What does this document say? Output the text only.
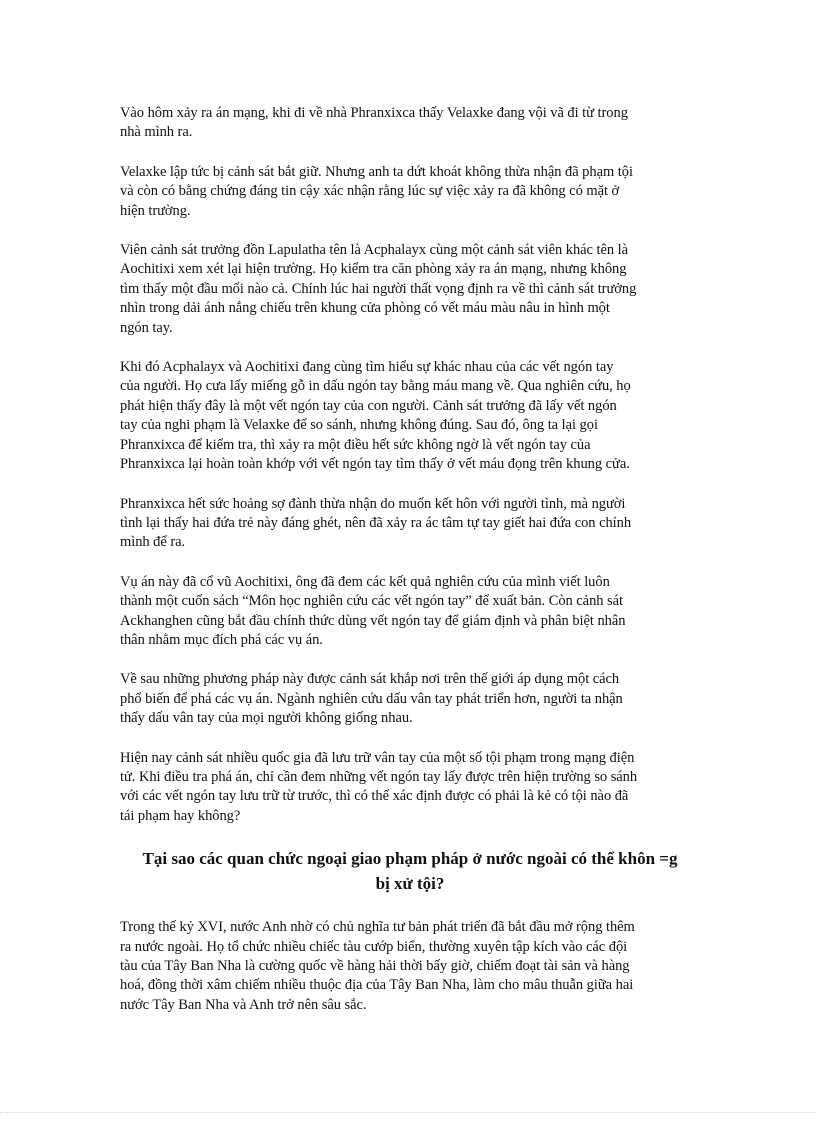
Vào hôm xảy ra án mạng, khi đi về nhà Phranxixca thấy Velaxke đang vội vã đi từ trong
nhà mình ra.

Velaxke lập tức bị cảnh sát bắt giữ. Nhưng anh ta dứt khoát không thừa nhận đã phạm tội
và còn có bằng chứng đáng tin cậy xác nhận rằng lúc sự việc xảy ra đã không có mặt ở
hiện trường.

Viên cảnh sát trưởng đồn Lapulatha tên là Acphalayx cùng một cảnh sát viên khác tên là
Aochitixi xem xét lại hiện trường. Họ kiểm tra căn phòng xảy ra án mạng, nhưng không
tìm thấy một đầu mối nào cả. Chính lúc hai người thất vọng định ra về thì cảnh sát trưởng
nhìn trong dải ánh nắng chiếu trên khung cửa phòng có vết máu màu nâu in hình một
ngón tay.

Khi đó Acphalayx và Aochitixi đang cùng tìm hiểu sự khác nhau của các vết ngón tay
của người. Họ cưa lấy miếng gỗ in dấu ngón tay bằng máu mang về. Qua nghiên cứu, họ
phát hiện thấy đây là một vết ngón tay của con người. Cảnh sát trưởng đã lấy vết ngón
tay của nghi phạm là Velaxke để so sánh, nhưng không đúng. Sau đó, ông ta lại gọi
Phranxixca để kiểm tra, thì xảy ra một điều hết sức không ngờ là vết ngón tay của
Phranxixca lại hoàn toàn khớp với vết ngón tay tìm thấy ở vết máu đọng trên khung cửa.

Phranxixca hết sức hoảng sợ đành thừa nhận do muốn kết hôn với người tình, mà người
tình lại thấy hai đứa trẻ này đáng ghét, nên đã xảy ra ác tâm tự tay giết hai đứa con chính
mình để ra.

Vụ án này đã cổ vũ Aochitixi, ông đã đem các kết quả nghiên cứu của mình viết luôn
thành một cuốn sách “Môn học nghiên cứu các vết ngón tay” để xuất bản. Còn cảnh sát
Ackhanghen cũng bắt đầu chính thức dùng vết ngón tay để giám định và phân biệt nhân
thân nhằm mục đích phá các vụ án.

Về sau những phương pháp này được cảnh sát khắp nơi trên thế giới áp dụng một cách
phổ biến để phá các vụ án. Ngành nghiên cứu dấu vân tay phát triển hơn, người ta nhận
thấy dấu vân tay của mọi người không giống nhau.

Hiện nay cảnh sát nhiều quốc gia đã lưu trữ vân tay của một số tội phạm trong mạng điện
tử. Khi điều tra phá án, chỉ cần đem những vết ngón tay lấy được trên hiện trường so sánh
với các vết ngón tay lưu trữ từ trước, thì có thể xác định được có phải là kẻ có tội nào đã
tái phạm hay không?

Tại sao các quan chức ngoại giao phạm pháp ở nước ngoài có thể khôn =g
bị xử tội?

Trong thế kỷ XVI, nước Anh nhờ có chủ nghĩa tư bản phát triển đã bắt đầu mở rộng thêm
ra nước ngoài. Họ tổ chức nhiều chiếc tàu cướp biển, thường xuyên tập kích vào các đội
tàu của Tây Ban Nha là cường quốc về hàng hải thời bấy giờ, chiếm đoạt tài sản và hàng
hoá, đồng thời xâm chiếm nhiều thuộc địa của Tây Ban Nha, làm cho mâu thuẫn giữa hai
nước Tây Ban Nha và Anh trở nên sâu sắc.
